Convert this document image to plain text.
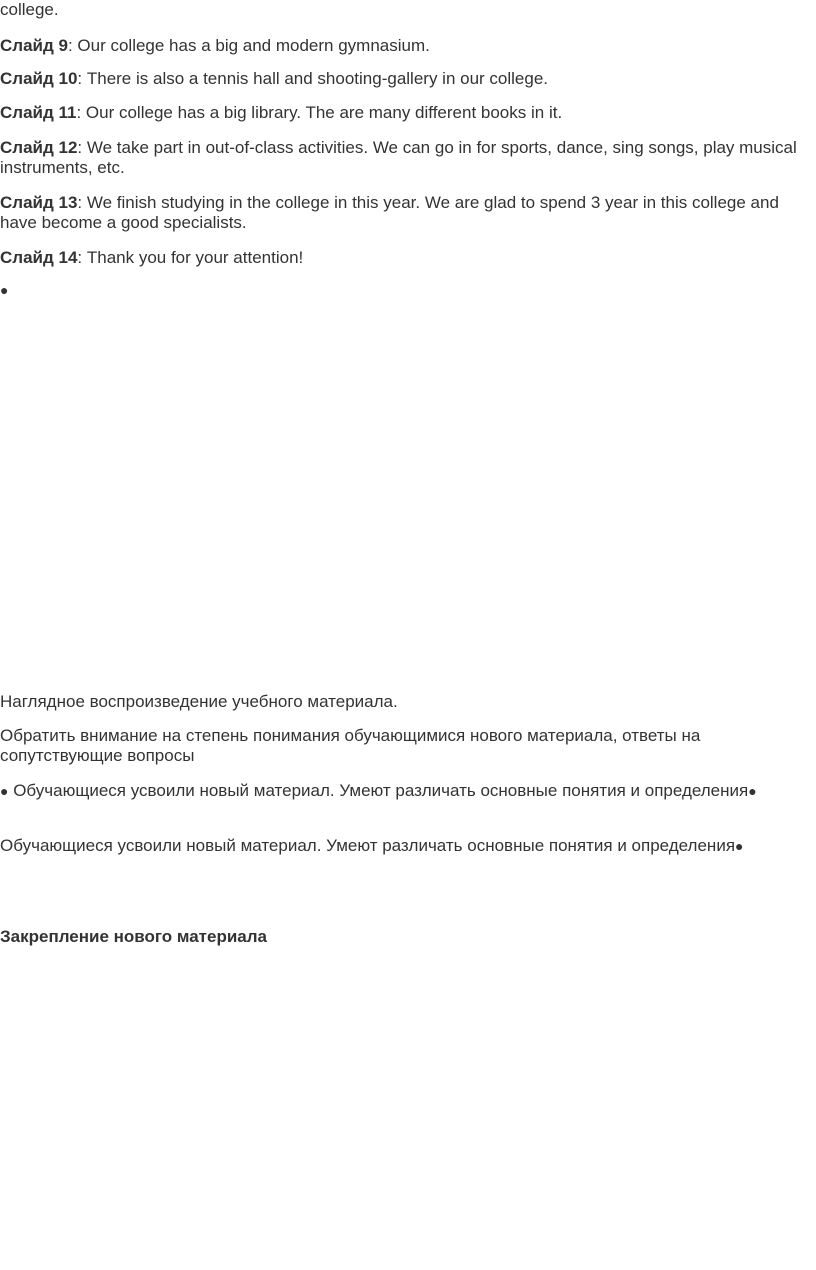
college.

Слайд 9: Our college has a big and modern gymnasium.

Слайд 10: There is also a tennis hall and shooting-gallery in our college.

Слайд 11: Our college has a big library. The are many different books in it.

Слайд 12: We take part in out-of-class activities. We can go in for sports, dance, sing songs, play musical instruments, etc.

Слайд 13: We finish studying in the college in this year. We are glad to spend 3 year in this college and have become a good specialists.

Слайд 14: Thank you for your attention!

●

Наглядное воспроизведение учебного материала.

Обратить внимание на степень понимания обучающимися нового материала, ответы на сопутствующие вопросы

● Обучающиеся усвоили новый материал. Умеют различать основные понятия и определения●

Обучающиеся усвоили новый материал. Умеют различать основные понятия и определения●

Закрепление нового материала
